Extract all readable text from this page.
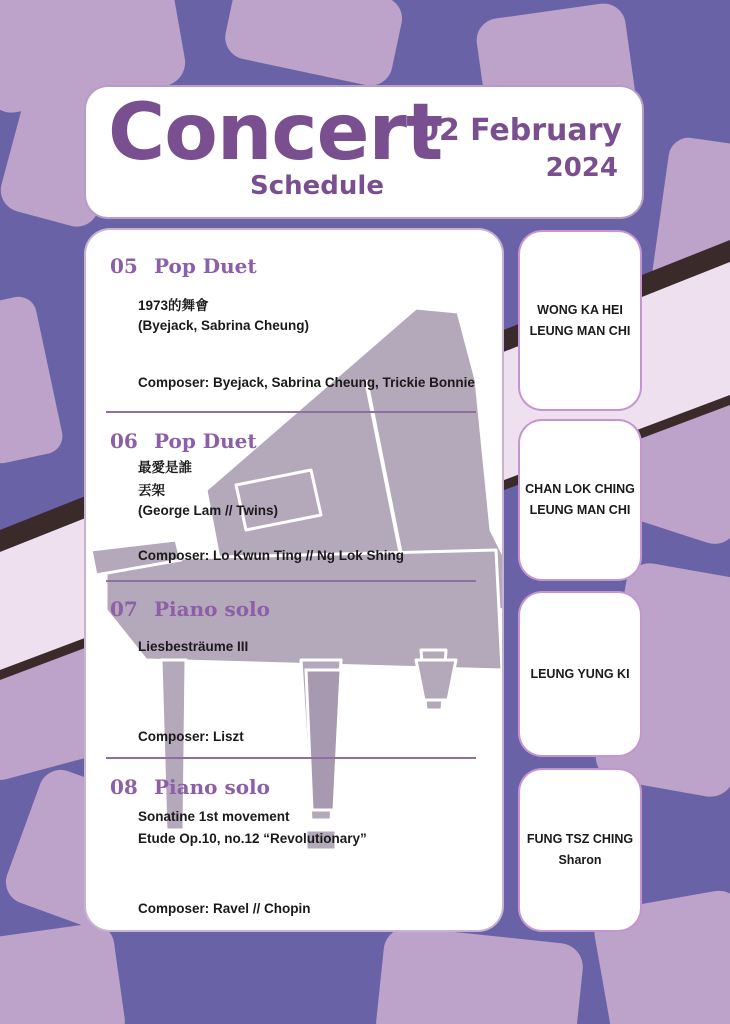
Concert
Schedule
02 February
2024
05 Pop Duet
1973的舞會
(Byejack, Sabrina Cheung)
Composer: Byejack, Sabrina Cheung, Trickie Bonnie
06 Pop Duet
最愛是誰
丟架
(George Lam // Twins)
Composer: Lo Kwun Ting // Ng Lok Shing
07 Piano solo
Liesbesträume III
Composer: Liszt
08 Piano solo
Sonatine 1st movement
Etude Op.10, no.12 “Revolutionary”
Composer: Ravel // Chopin
WONG KA HEI
LEUNG MAN CHI
CHAN LOK CHING
LEUNG MAN CHI
LEUNG YUNG KI
FUNG TSZ CHING
Sharon
